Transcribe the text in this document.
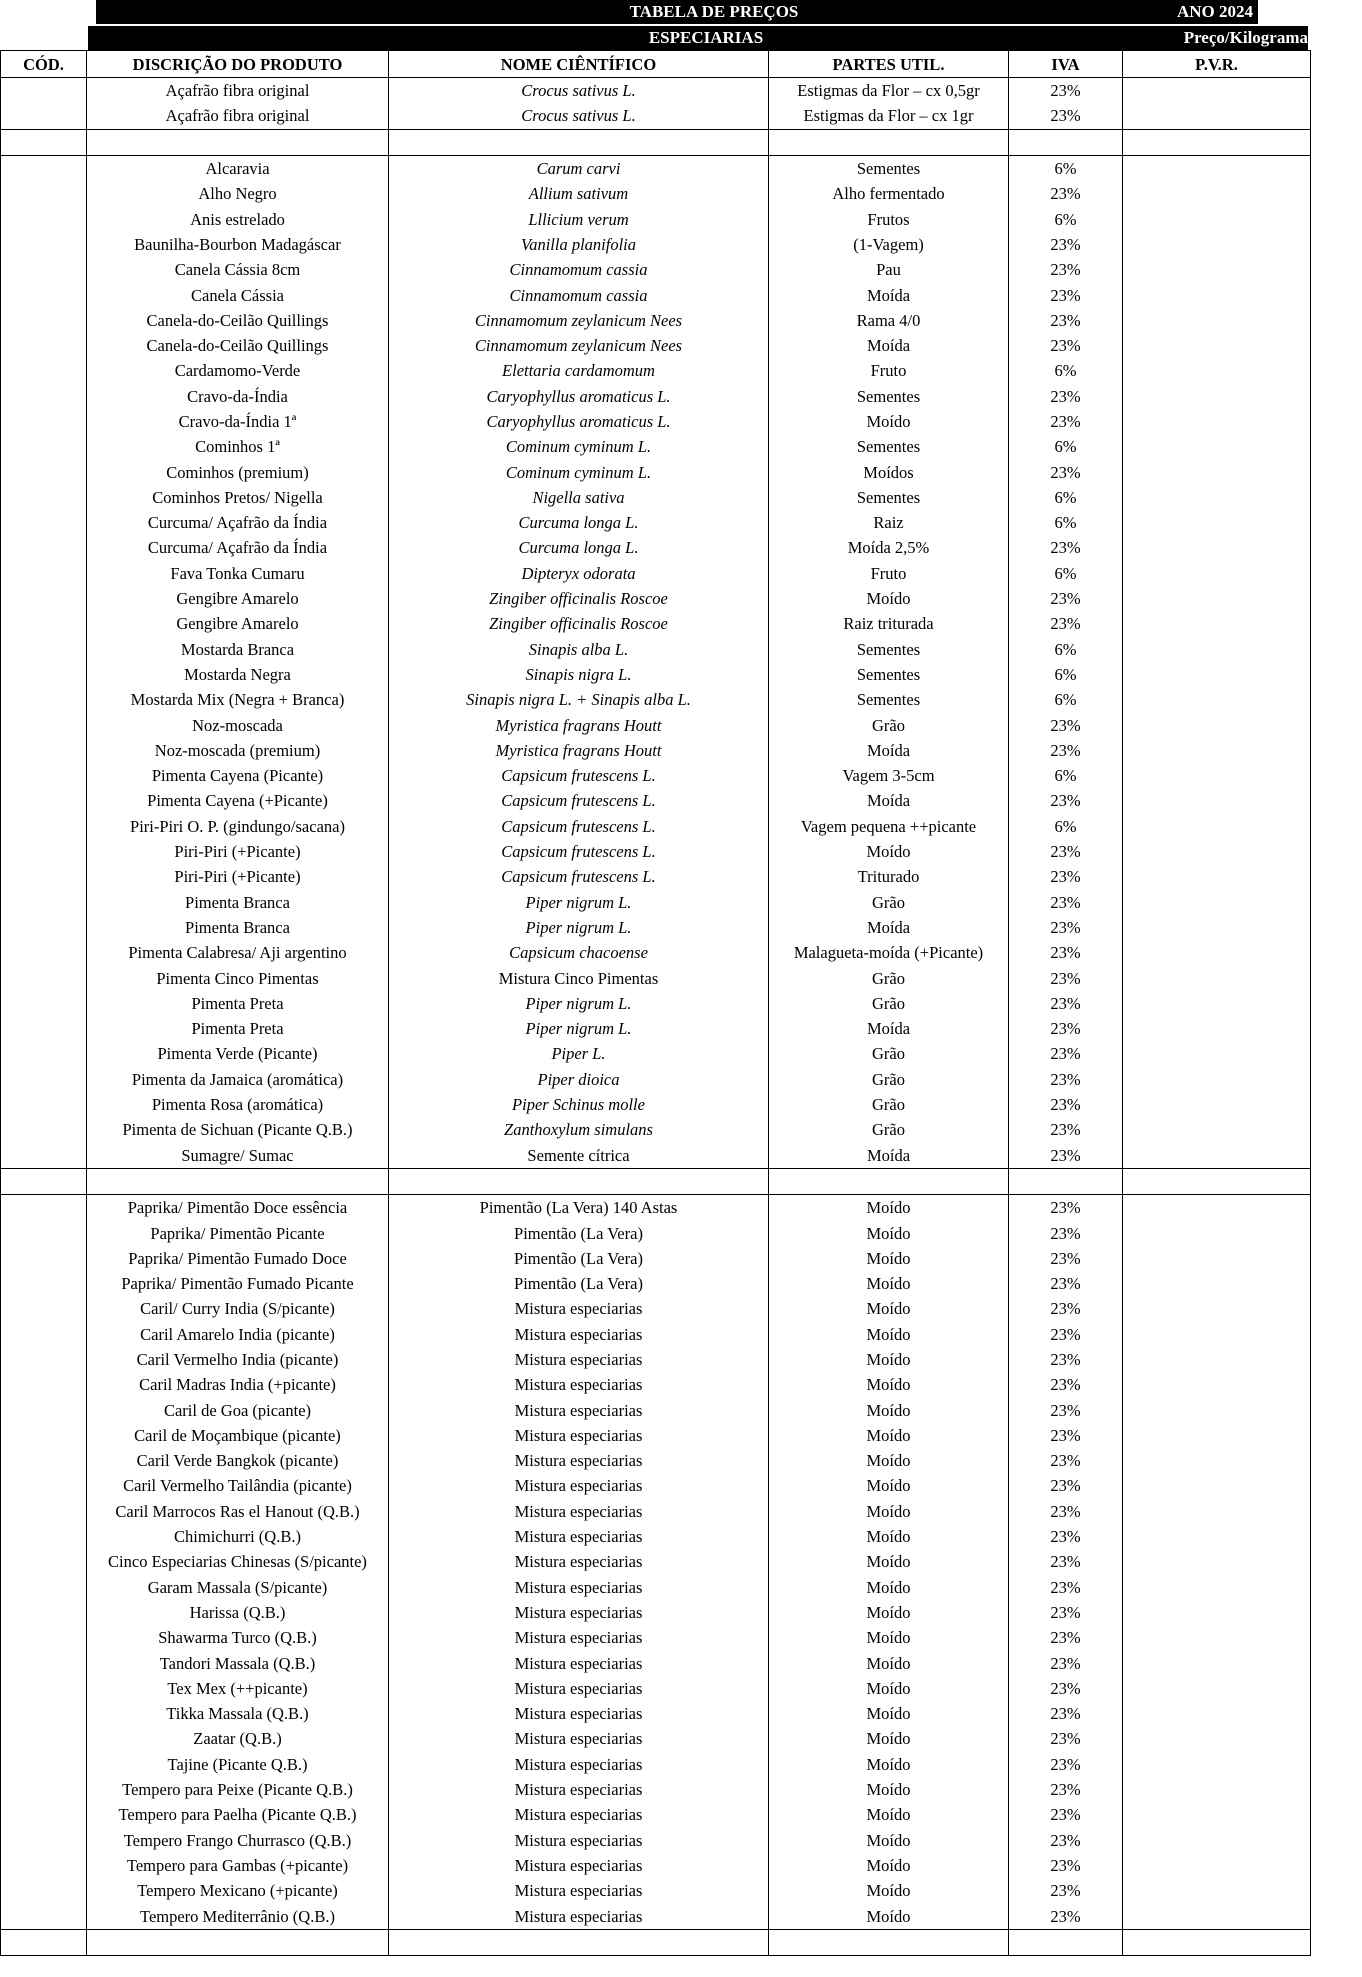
TABELA DE PREÇOS	ANO 2024
ESPECIARIAS	Preço/Kilograma
CÓD.	DISCRIÇÃO DO PRODUTO	NOME CIÊNTÍFICO	PARTES UTIL.	IVA	P.V.R.
	Açafrão fibra original	Crocus sativus L.	Estigmas da Flor – cx 0,5gr	23%	
	Açafrão fibra original	Crocus sativus L.	Estigmas da Flor – cx 1gr	23%	

	Alcaravia	Carum carvi	Sementes	6%	
	Alho Negro	Allium sativum	Alho fermentado	23%	
	Anis estrelado	Lllicium verum	Frutos	6%	
	Baunilha-Bourbon Madagáscar	Vanilla planifolia	(1-Vagem)	23%	
	Canela Cássia 8cm	Cinnamomum cassia	Pau	23%	
	Canela Cássia	Cinnamomum cassia	Moída	23%	
	Canela-do-Ceilão Quillings	Cinnamomum zeylanicum Nees	Rama 4/0	23%	
	Canela-do-Ceilão Quillings	Cinnamomum zeylanicum Nees	Moída	23%	
	Cardamomo-Verde	Elettaria cardamomum	Fruto	6%	
	Cravo-da-Índia	Caryophyllus aromaticus L.	Sementes	23%	
	Cravo-da-Índia 1ª	Caryophyllus aromaticus L.	Moído	23%	
	Cominhos 1ª	Cominum cyminum L.	Sementes	6%	
	Cominhos (premium)	Cominum cyminum L.	Moídos	23%	
	Cominhos Pretos/ Nigella	Nigella sativa	Sementes	6%	
	Curcuma/ Açafrão da Índia	Curcuma longa L.	Raiz	6%	
	Curcuma/ Açafrão da Índia	Curcuma longa L.	Moída 2,5%	23%	
	Fava Tonka Cumaru	Dipteryx odorata	Fruto	6%	
	Gengibre Amarelo	Zingiber officinalis Roscoe	Moído	23%	
	Gengibre Amarelo	Zingiber officinalis Roscoe	Raiz triturada	23%	
	Mostarda Branca	Sinapis alba L.	Sementes	6%	
	Mostarda Negra	Sinapis nigra L.	Sementes	6%	
	Mostarda Mix (Negra + Branca)	Sinapis nigra L. + Sinapis alba L.	Sementes	6%	
	Noz-moscada	Myristica fragrans Houtt	Grão	23%	
	Noz-moscada (premium)	Myristica fragrans Houtt	Moída	23%	
	Pimenta Cayena (Picante)	Capsicum frutescens L.	Vagem 3-5cm	6%	
	Pimenta Cayena (+Picante)	Capsicum frutescens L.	Moída	23%	
	Piri-Piri O. P. (gindungo/sacana)	Capsicum frutescens L.	Vagem pequena ++picante	6%	
	Piri-Piri (+Picante)	Capsicum frutescens L.	Moído	23%	
	Piri-Piri (+Picante)	Capsicum frutescens L.	Triturado	23%	
	Pimenta Branca	Piper nigrum L.	Grão	23%	
	Pimenta Branca	Piper nigrum L.	Moída	23%	
	Pimenta Calabresa/ Aji argentino	Capsicum chacoense	Malagueta-moída (+Picante)	23%	
	Pimenta Cinco Pimentas	Mistura Cinco Pimentas	Grão	23%	
	Pimenta Preta	Piper nigrum L.	Grão	23%	
	Pimenta Preta	Piper nigrum L.	Moída	23%	
	Pimenta Verde (Picante)	Piper L.	Grão	23%	
	Pimenta da Jamaica (aromática)	Piper dioica	Grão	23%	
	Pimenta Rosa (aromática)	Piper Schinus molle	Grão	23%	
	Pimenta de Sichuan (Picante Q.B.)	Zanthoxylum simulans	Grão	23%	
	Sumagre/ Sumac	Semente cítrica	Moída	23%	

	Paprika/ Pimentão Doce essência	Pimentão (La Vera) 140 Astas	Moído	23%	
	Paprika/ Pimentão Picante	Pimentão (La Vera)	Moído	23%	
	Paprika/ Pimentão Fumado Doce	Pimentão (La Vera)	Moído	23%	
	Paprika/ Pimentão Fumado Picante	Pimentão (La Vera)	Moído	23%	
	Caril/ Curry India (S/picante)	Mistura especiarias	Moído	23%	
	Caril Amarelo India (picante)	Mistura especiarias	Moído	23%	
	Caril Vermelho India (picante)	Mistura especiarias	Moído	23%	
	Caril Madras India (+picante)	Mistura especiarias	Moído	23%	
	Caril de Goa (picante)	Mistura especiarias	Moído	23%	
	Caril de Moçambique (picante)	Mistura especiarias	Moído	23%	
	Caril Verde Bangkok (picante)	Mistura especiarias	Moído	23%	
	Caril Vermelho Tailândia (picante)	Mistura especiarias	Moído	23%	
	Caril Marrocos Ras el Hanout (Q.B.)	Mistura especiarias	Moído	23%	
	Chimichurri (Q.B.)	Mistura especiarias	Moído	23%	
	Cinco Especiarias Chinesas (S/picante)	Mistura especiarias	Moído	23%	
	Garam Massala (S/picante)	Mistura especiarias	Moído	23%	
	Harissa (Q.B.)	Mistura especiarias	Moído	23%	
	Shawarma Turco (Q.B.)	Mistura especiarias	Moído	23%	
	Tandori Massala (Q.B.)	Mistura especiarias	Moído	23%	
	Tex Mex (++picante)	Mistura especiarias	Moído	23%	
	Tikka Massala (Q.B.)	Mistura especiarias	Moído	23%	
	Zaatar (Q.B.)	Mistura especiarias	Moído	23%	
	Tajine (Picante Q.B.)	Mistura especiarias	Moído	23%	
	Tempero para Peixe (Picante Q.B.)	Mistura especiarias	Moído	23%	
	Tempero para Paelha (Picante Q.B.)	Mistura especiarias	Moído	23%	
	Tempero Frango Churrasco (Q.B.)	Mistura especiarias	Moído	23%	
	Tempero para Gambas (+picante)	Mistura especiarias	Moído	23%	
	Tempero Mexicano (+picante)	Mistura especiarias	Moído	23%	
	Tempero Mediterrânio (Q.B.)	Mistura especiarias	Moído	23%	
